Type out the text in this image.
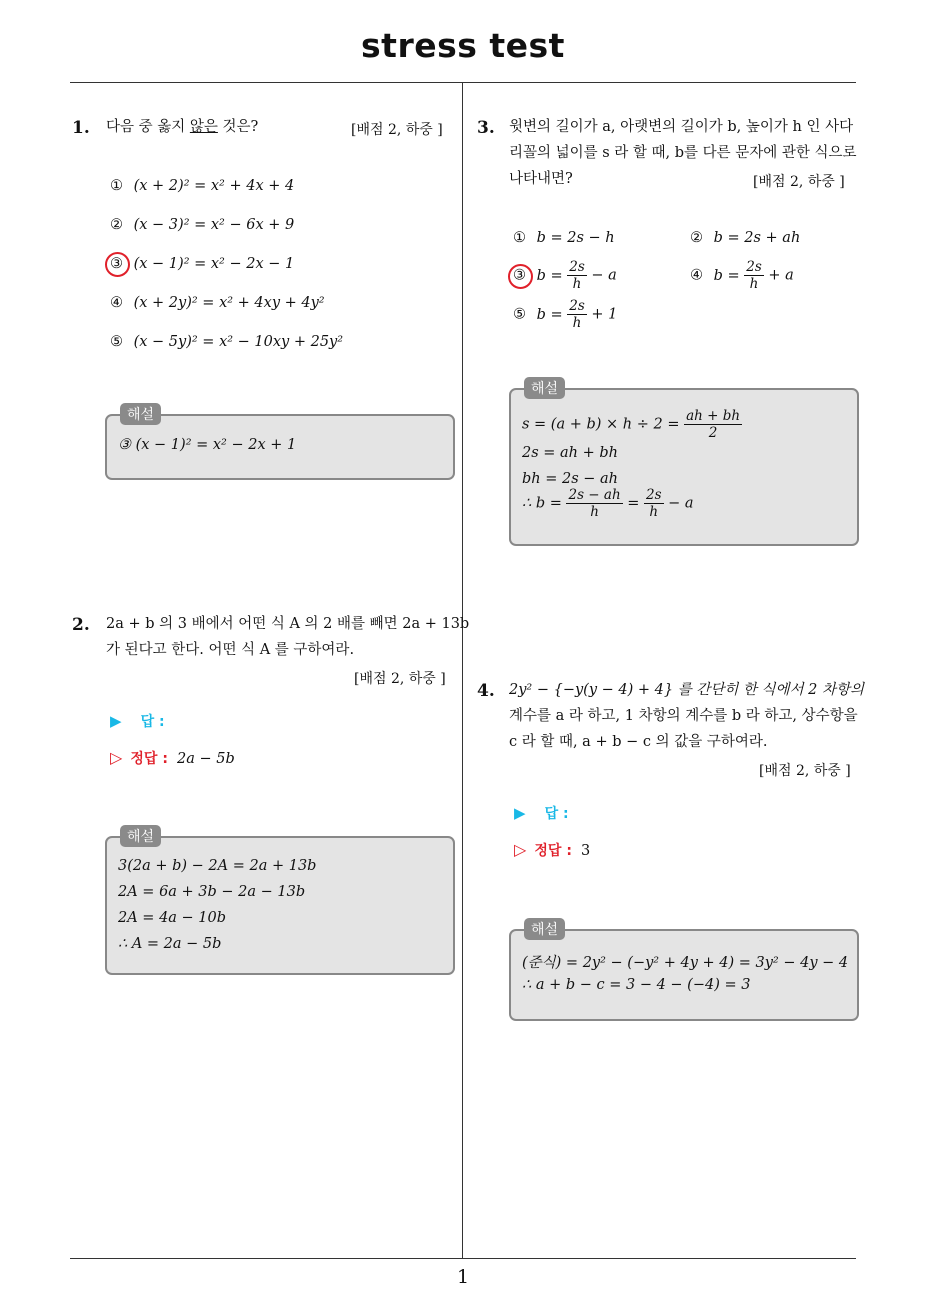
stress test
1
1. 다음 중 옳지 않은 것은?	[배점 2, 하중 ]
① (x + 2)² = x² + 4x + 4
② (x − 3)² = x² − 6x + 9
③ (x − 1)² = x² − 2x − 1
④ (x + 2y)² = x² + 4xy + 4y²
⑤ (x − 5y)² = x² − 10xy + 25y²
해설
③ (x − 1)² = x² − 2x + 1
2. 2a + b 의 3 배에서 어떤 식 A 의 2 배를 빼면 2a + 13b
가 된다고 한다. 어떤 식 A 를 구하여라.
[배점 2, 하중 ]
▶ 답 :
▷ 정답 : 2a − 5b
해설
3(2a + b) − 2A = 2a + 13b
2A = 6a + 3b − 2a − 13b
2A = 4a − 10b
∴ A = 2a − 5b
3. 윗변의 길이가 a, 아랫변의 길이가 b, 높이가 h 인 사다
리꼴의 넓이를 s 라 할 때, b를 다른 문자에 관한 식으로
나타내면?	[배점 2, 하중 ]
① b = 2s − h	② b = 2s + ah
③ $b = \frac{2s}{h} - a$	④ $b = \frac{2s}{h} + a$
⑤ $b = \frac{2s}{h} + 1$
해설
$s = (a + b) \times h \div 2 = \frac{ah + bh}{2}$
2s = ah + bh
bh = 2s − ah
∴ $b = \frac{2s - ah}{h} = \frac{2s}{h} - a$
4. 2y² − {−y(y − 4) + 4} 를 간단히 한 식에서 2 차항의
계수를 a 라 하고, 1 차항의 계수를 b 라 하고, 상수항을
c 라 할 때, a + b − c 의 값을 구하여라.
[배점 2, 하중 ]
▶ 답 :
▷ 정답 : 3
해설
(준식) = 2y² − (−y² + 4y + 4) = 3y² − 4y − 4
∴ a + b − c = 3 − 4 − (−4) = 3
